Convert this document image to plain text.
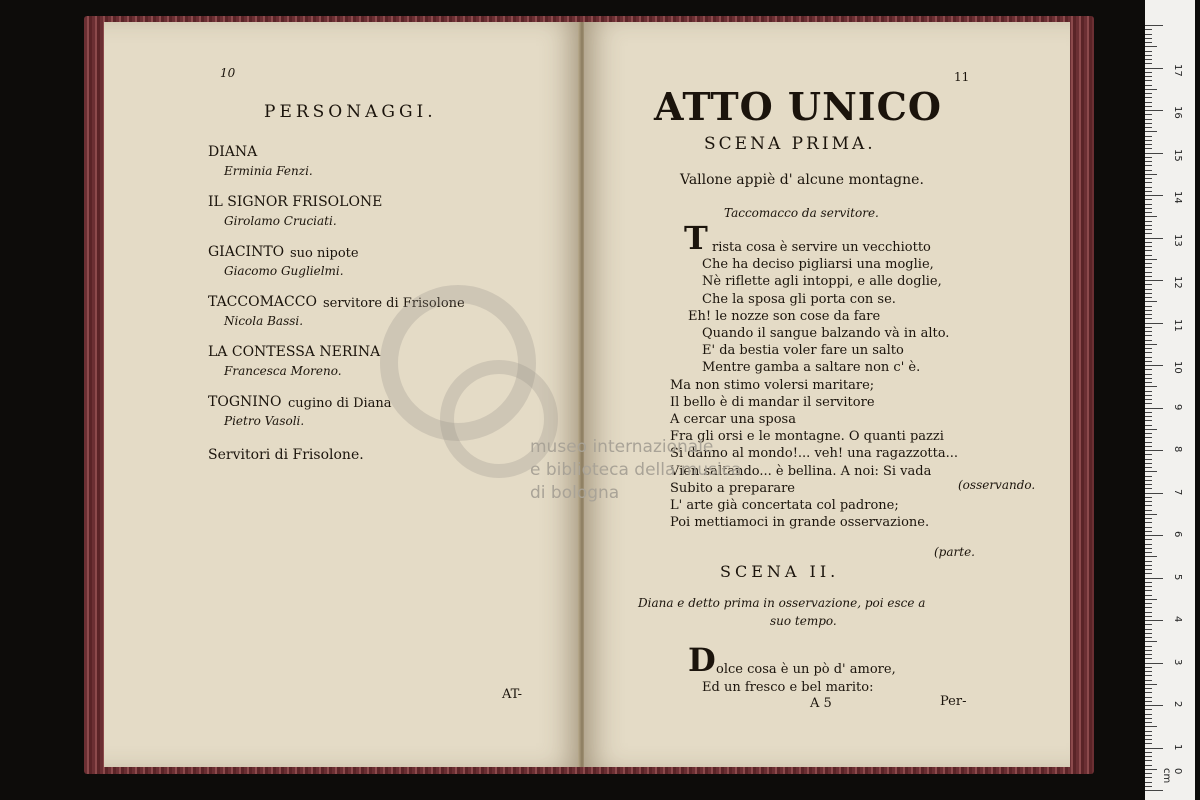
10
PERSONAGGI.
DIANA
Erminia Fenzi.
IL SIGNOR FRISOLONE
Girolamo Cruciati.
GIACINTO suo nipote
Giacomo Guglielmi.
TACCOMACCO servitore di Frisolone
Nicola Bassi.
LA CONTESSA NERINA
Francesca Moreno.
TOGNINO cugino di Diana
Pietro Vasoli.
Servitori di Frisolone.
AT-
11
ATTO UNICO
SCENA PRIMA.
Vallone appiè d' alcune montagne.
Taccomacco da servitore.
T rista cosa è servire un vecchiotto
Che ha deciso pigliarsi una moglie,
Nè riflette agli intoppi, e alle doglie,
Che la sposa gli porta con se.
Eh! le nozze son cose da fare
Quando il sangue balzando và in alto.
E' da bestia voler fare un salto
Mentre gamba a saltare non c' è.
Ma non stimo volersi maritare;
Il bello è di mandar il servitore
A cercar una sposa
Fra gli orsi e le montagne. O quanti pazzi
Si danno al mondo!... veh! una ragazzotta...
Vien saltando... è bellina. A noi: Si vada
Subito a preparare
L' arte già concertata col padrone;
Poi mettiamoci in grande osservazione.
(osservando.
(parte.
SCENA II.
Diana e detto prima in osservazione, poi esce a
suo tempo.
D olce cosa è un pò d' amore,
Ed un fresco e bel marito:
A 5	Per-
museo internazionale
e biblioteca della musica
di bologna
0 cm
1
2
3
4
5
6
7
8
9
10
11
12
13
14
15
16
17
